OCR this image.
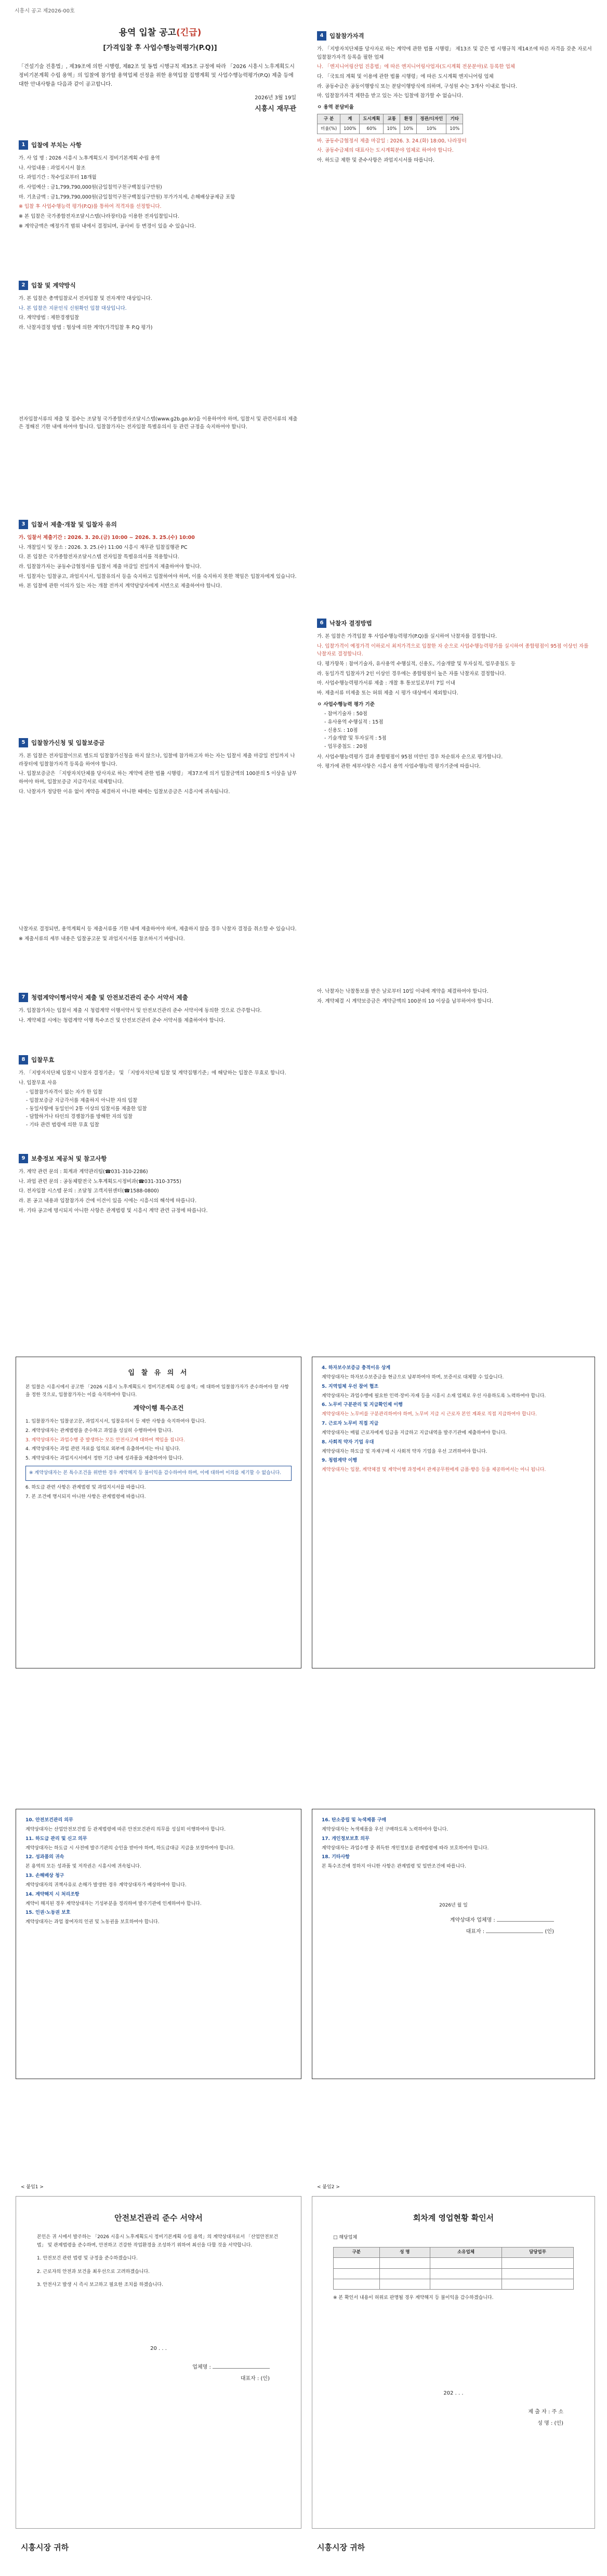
시흥시 공고 제2026-00호
용역 입찰 공고(긴급)
[가격입찰 후 사업수행능력평가(P.Q)]
「건설기술 진흥법」, 제39조에 의한 시행령, 제82조 및 동법 시행규칙 제35조 규정에 따라 「2026 시흥시 노후계획도시 정비기본계획 수립 용역」의 입찰에 참가할 용역업체 선정을 위한 용역입찰 집행계획 및 사업수행능력평가(P.Q) 제출 등에 대한 안내사항을 다음과 같이 공고합니다.
2026년 3월 19일
시흥시 재무관
1	입찰에 부치는 사항

가. 사 업 명 : 2026 시흥시 노후계획도시 정비기본계획 수립 용역

나. 사업내용 : 과업지시서 참조

다. 과업기간 : 착수일로부터 18개월

라. 사업예산 : 금1,799,790,000원(금일칠억구천구백칠십구만원)

마. 기초금액 : 금1,799,790,000원(금일칠억구천구백칠십구만원) 부가가치세, 손해배상공제금 포함

※ 입찰 후 사업수행능력 평가(P.Q)를 통하여 적격자를 선정합니다.

※ 본 입찰은 국가종합전자조달시스템(나라장터)을 이용한 전자입찰입니다.

※ 계약금액은 예정가격 범위 내에서 결정되며, 공사비 등 변경이 있을 수 있습니다.

2	입찰 및 계약방식

가. 본 입찰은 총액입찰로서 전자입찰 및 전자계약 대상입니다.

나. 본 입찰은 지문인식 신원확인 입찰 대상입니다.

다. 계약방법 : 제한경쟁입찰

라. 낙찰자결정 방법 : 협상에 의한 계약(가격입찰 후 P.Q 평가)

전자입찰서류의 제출 및 접수는 조달청 국가종합전자조달시스템(www.g2b.go.kr)을 이용하여야 하며, 입찰서 및 관련서류의 제출은 정해진 기한 내에 하여야 합니다. 입찰참가자는 전자입찰 특별유의서 등 관련 규정을 숙지하여야 합니다.

3	입찰서 제출·개찰 및 입찰자 유의

가. 입찰서 제출기간 : 2026. 3. 20.(금) 10:00 ~ 2026. 3. 25.(수) 10:00

나. 개찰일시 및 장소 : 2026. 3. 25.(수) 11:00 시흥시 재무관 입찰집행관 PC

다. 본 입찰은 국가종합전자조달시스템 전자입찰 특별유의서를 적용합니다.

라. 입찰참가자는 공동수급협정서를 입찰서 제출 마감일 전일까지 제출하여야 합니다.

마. 입찰자는 입찰공고, 과업지시서, 입찰유의서 등을 숙지하고 입찰하여야 하며, 이를 숙지하지 못한 책임은 입찰자에게 있습니다.

바. 본 입찰에 관한 이의가 있는 자는 개찰 전까지 계약담당자에게 서면으로 제출하여야 합니다.

5	입찰참가신청 및 입찰보증금

가. 본 입찰은 전자입찰이므로 별도의 입찰참가신청을 하지 않으나, 입찰에 참가하고자 하는 자는 입찰서 제출 마감일 전일까지 나라장터에 입찰참가자격 등록을 하여야 합니다.

나. 입찰보증금은 「지방자치단체를 당사자로 하는 계약에 관한 법률 시행령」 제37조에 의거 입찰금액의 100분의 5 이상을 납부하여야 하며, 입찰보증금 지급각서로 대체합니다.

다. 낙찰자가 정당한 이유 없이 계약을 체결하지 아니한 때에는 입찰보증금은 시흥시에 귀속됩니다.

낙찰자로 결정되면, 용역계획서 등 제출서류를 기한 내에 제출하여야 하며, 제출하지 않을 경우 낙찰자 결정을 취소할 수 있습니다.

※ 제출서류의 세부 내용은 입찰공고문 및 과업지시서를 참조하시기 바랍니다.

7	청렴계약이행서약서 제출 및 안전보건관리 준수 서약서 제출

가. 입찰참가자는 입찰서 제출 시 청렴계약 이행서약서 및 안전보건관리 준수 서약서에 동의한 것으로 간주합니다.

나. 계약체결 시에는 청렴계약 이행 특수조건 및 안전보건관리 준수 서약서를 제출하여야 합니다.

8	입찰무효

가. 「지방자치단체 입찰시 낙찰자 결정기준」 및 「지방자치단체 입찰 및 계약집행기준」에 해당하는 입찰은 무효로 합니다.

나. 입찰무효 사유

- 입찰참가자격이 없는 자가 한 입찰
- 입찰보증금 지급각서를 제출하지 아니한 자의 입찰
- 동일사항에 동일인이 2통 이상의 입찰서를 제출한 입찰
- 담합하거나 타인의 경쟁참가를 방해한 자의 입찰
- 기타 관련 법령에 의한 무효 입찰
9	보충정보 제공처 및 참고사항

가. 계약 관련 문의 : 회계과 계약관리팀(☎031-310-2286)

나. 과업 관련 문의 : 공동체발전국 노후계획도시정비과(☎031-310-3755)

다. 전자입찰 시스템 문의 : 조달청 고객지원센터(☎1588-0800)

라. 본 공고 내용과 입찰참가자 간에 이견이 있을 시에는 시흥시의 해석에 따릅니다.

마. 기타 공고에 명시되지 아니한 사항은 관계법령 및 시흥시 계약 관련 규정에 따릅니다.

4	입찰참가자격

가. 「지방자치단체를 당사자로 하는 계약에 관한 법률 시행령」 제13조 및 같은 법 시행규칙 제14조에 따른 자격을 갖춘 자로서 입찰참가자격 등록을 필한 업체

나. 「엔지니어링산업 진흥법」에 따른 엔지니어링사업자(도시계획 전문분야)로 등록한 업체

다. 「국토의 계획 및 이용에 관한 법률 시행령」에 따른 도시계획 엔지니어링 업체

라. 공동수급은 공동이행방식 또는 분담이행방식에 의하며, 구성원 수는 3개사 이내로 합니다.

마. 입찰참가자격 제한을 받고 있는 자는 입찰에 참가할 수 없습니다.

ㅇ 용역 분담비율

구 분	계	도시계획	교통	환경	경관/디자인	기타
비율(%)	100%	60%	10%	10%	10%	10%

바. 공동수급협정서 제출 마감일 : 2026. 3. 24.(화) 18:00, 나라장터

사. 공동수급체의 대표사는 도시계획분야 업체로 하여야 합니다.

아. 하도급 제한 및 준수사항은 과업지시서를 따릅니다.

6	낙찰자 결정방법

가. 본 입찰은 가격입찰 후 사업수행능력평가(P.Q)를 실시하여 낙찰자를 결정합니다.

나. 입찰가격이 예정가격 이하로서 최저가격으로 입찰한 자 순으로 사업수행능력평가를 실시하여 종합평점이 95점 이상인 자를 낙찰자로 결정합니다.

다. 평가항목 : 참여기술자, 유사용역 수행실적, 신용도, 기술개발 및 투자실적, 업무중첩도 등

라. 동일가격 입찰자가 2인 이상인 경우에는 종합평점이 높은 자를 낙찰자로 결정합니다.

마. 사업수행능력평가서류 제출 : 개찰 후 통보일로부터 7일 이내

바. 제출서류 미제출 또는 허위 제출 시 평가 대상에서 제외합니다.

ㅇ 사업수행능력 평가 기준

- 참여기술자 : 50점
- 유사용역 수행실적 : 15점
- 신용도 : 10점
- 기술개발 및 투자실적 : 5점
- 업무중첩도 : 20점

사. 사업수행능력평가 결과 종합평점이 95점 미만인 경우 차순위자 순으로 평가합니다.

아. 평가에 관한 세부사항은 시흥시 용역 사업수행능력 평가기준에 따릅니다.

아. 낙찰자는 낙찰통보를 받은 날로부터 10일 이내에 계약을 체결하여야 합니다.

자. 계약체결 시 계약보증금은 계약금액의 100분의 10 이상을 납부하여야 합니다.

입 찰 유 의 서

본 입찰은 시흥시에서 공고한 「2026 시흥시 노후계획도시 정비기본계획 수립 용역」에 대하여 입찰참가자가 준수하여야 할 사항을 정한 것으로, 입찰참가자는 이를 숙지하여야 합니다.

계약이행 특수조건

1. 입찰참가자는 입찰공고문, 과업지시서, 입찰유의서 등 제반 사항을 숙지하여야 합니다.

2. 계약상대자는 관계법령을 준수하고 과업을 성실히 수행하여야 합니다.

3. 계약상대자는 과업수행 중 발생하는 모든 안전사고에 대하여 책임을 집니다.

4. 계약상대자는 과업 관련 자료를 임의로 외부에 유출하여서는 아니 됩니다.

5. 계약상대자는 과업지시서에서 정한 기간 내에 성과품을 제출하여야 합니다.

※ 계약상대자는 본 특수조건을 위반한 경우 계약해지 등 불이익을 감수하여야 하며, 이에 대하여 이의를 제기할 수 없습니다.

6. 하도급 관련 사항은 관계법령 및 과업지시서를 따릅니다.

7. 본 조건에 명시되지 아니한 사항은 관계법령에 따릅니다.

4. 하자보수보증금 충적이유 상계

계약상대자는 하자보수보증금을 현금으로 납부하여야 하며, 보증서로 대체할 수 있습니다.

5. 지역업체 우선 참여 협조

계약상대자는 과업수행에 필요한 인력·장비·자재 등을 시흥시 소재 업체로 우선 사용하도록 노력하여야 합니다.

6. 노무비 구분관리 및 지급확인제 이행

계약상대자는 노무비를 구분관리하여야 하며, 노무비 지급 시 근로자 본인 계좌로 직접 지급하여야 합니다.

7. 근로자 노무비 직접 지급

계약상대자는 매월 근로자에게 임금을 지급하고 지급내역을 발주기관에 제출하여야 합니다.

8. 사회적 약자 기업 우대

계약상대자는 하도급 및 자재구매 시 사회적 약자 기업을 우선 고려하여야 합니다.

9. 청렴계약 이행

계약상대자는 입찰, 계약체결 및 계약이행 과정에서 관계공무원에게 금품·향응 등을 제공하여서는 아니 됩니다.

10. 안전보건관리 의무

계약상대자는 산업안전보건법 등 관계법령에 따른 안전보건관리 의무를 성실히 이행하여야 합니다.

11. 하도급 관리 및 신고 의무

계약상대자는 하도급 시 사전에 발주기관의 승인을 받아야 하며, 하도급대금 지급을 보장하여야 합니다.

12. 성과품의 귀속

본 용역의 모든 성과품 및 저작권은 시흥시에 귀속됩니다.

13. 손해배상 청구

계약상대자의 귀책사유로 손해가 발생한 경우 계약상대자가 배상하여야 합니다.

14. 계약해지 시 처리조항

계약이 해지된 경우 계약상대자는 기성부분을 정리하여 발주기관에 인계하여야 합니다.

15. 인권·노동권 보호

계약상대자는 과업 참여자의 인권 및 노동권을 보호하여야 합니다.

16. 탄소중립 및 녹색제품 구매

계약상대자는 녹색제품을 우선 구매하도록 노력하여야 합니다.

17. 개인정보보호 의무

계약상대자는 과업수행 중 취득한 개인정보를 관계법령에 따라 보호하여야 합니다.

18. 기타사항

본 특수조건에 정하지 아니한 사항은 관계법령 및 일반조건에 따릅니다.

2026년 월 일
계약상대자 업체명 :
대표자 :	(인)
< 붙임1 >
안전보건관리 준수 서약서

본인은 귀 시에서 발주하는 「2026 시흥시 노후계획도시 정비기본계획 수립 용역」의 계약상대자로서 「산업안전보건법」 및 관계법령을 준수하며, 안전하고 건강한 작업환경을 조성하기 위하여 최선을 다할 것을 서약합니다.

1. 안전보건 관련 법령 및 규정을 준수하겠습니다.

2. 근로자의 안전과 보건을 최우선으로 고려하겠습니다.

3. 안전사고 발생 시 즉시 보고하고 필요한 조치를 하겠습니다.

20 . . .
업체명 :
대표자 : (인)
시흥시장 귀하
< 붙임2 >
회차계 영업현황 확인서

□ 해당업체

구분	성 명	소유업체	담당업무

※ 본 확인서 내용이 허위로 판명될 경우 계약해지 등 불이익을 감수하겠습니다.

202 . . .
제 출 자 : 주 소
성 명 : (인)
시흥시장 귀하
